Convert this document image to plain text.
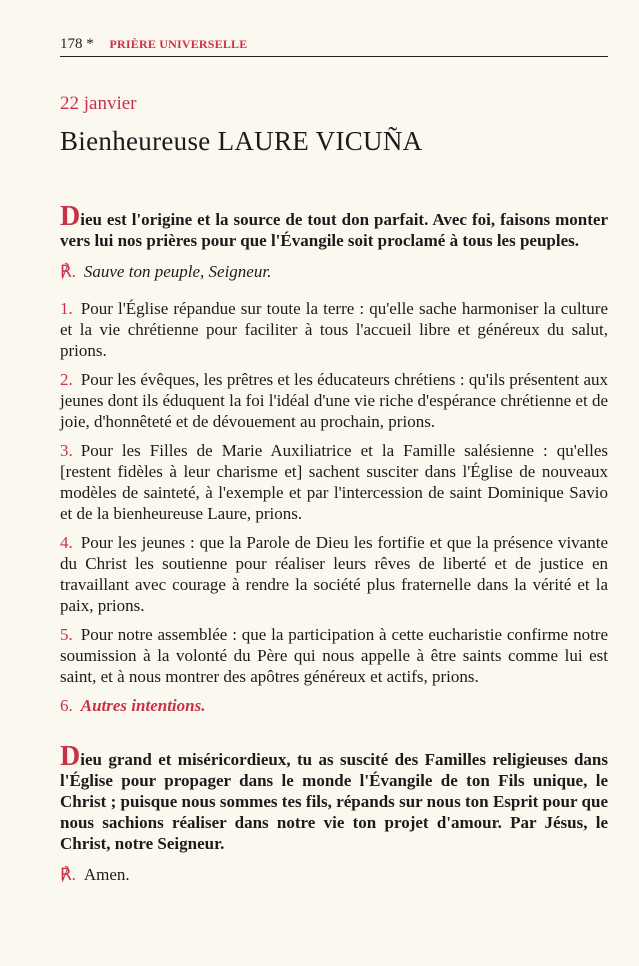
178 * PRIÈRE UNIVERSELLE
22 janvier
Bienheureuse LAURE VICUÑA

Dieu est l'origine et la source de tout don parfait. Avec foi, faisons monter vers lui nos prières pour que l'Évangile soit proclamé à tous les peuples.

℟. Sauve ton peuple, Seigneur.

1. Pour l'Église répandue sur toute la terre : qu'elle sache harmoniser la culture et la vie chrétienne pour faciliter à tous l'accueil libre et généreux du salut, prions.

2. Pour les évêques, les prêtres et les éducateurs chrétiens : qu'ils présentent aux jeunes dont ils éduquent la foi l'idéal d'une vie riche d'espérance chrétienne et de joie, d'honnêteté et de dévouement au prochain, prions.

3. Pour les Filles de Marie Auxiliatrice et la Famille salésienne : qu'elles [restent fidèles à leur charisme et] sachent susciter dans l'Église de nouveaux modèles de sainteté, à l'exemple et par l'intercession de saint Dominique Savio et de la bienheureuse Laure, prions.

4. Pour les jeunes : que la Parole de Dieu les fortifie et que la présence vivante du Christ les soutienne pour réaliser leurs rêves de liberté et de justice en travaillant avec courage à rendre la société plus fraternelle dans la vérité et la paix, prions.

5. Pour notre assemblée : que la participation à cette eucharistie confirme notre soumission à la volonté du Père qui nous appelle à être saints comme lui est saint, et à nous montrer des apôtres généreux et actifs, prions.

6. Autres intentions.

Dieu grand et miséricordieux, tu as suscité des Familles religieuses dans l'Église pour propager dans le monde l'Évangile de ton Fils unique, le Christ ; puisque nous sommes tes fils, répands sur nous ton Esprit pour que nous sachions réaliser dans notre vie ton projet d'amour. Par Jésus, le Christ, notre Seigneur.

℟. Amen.
